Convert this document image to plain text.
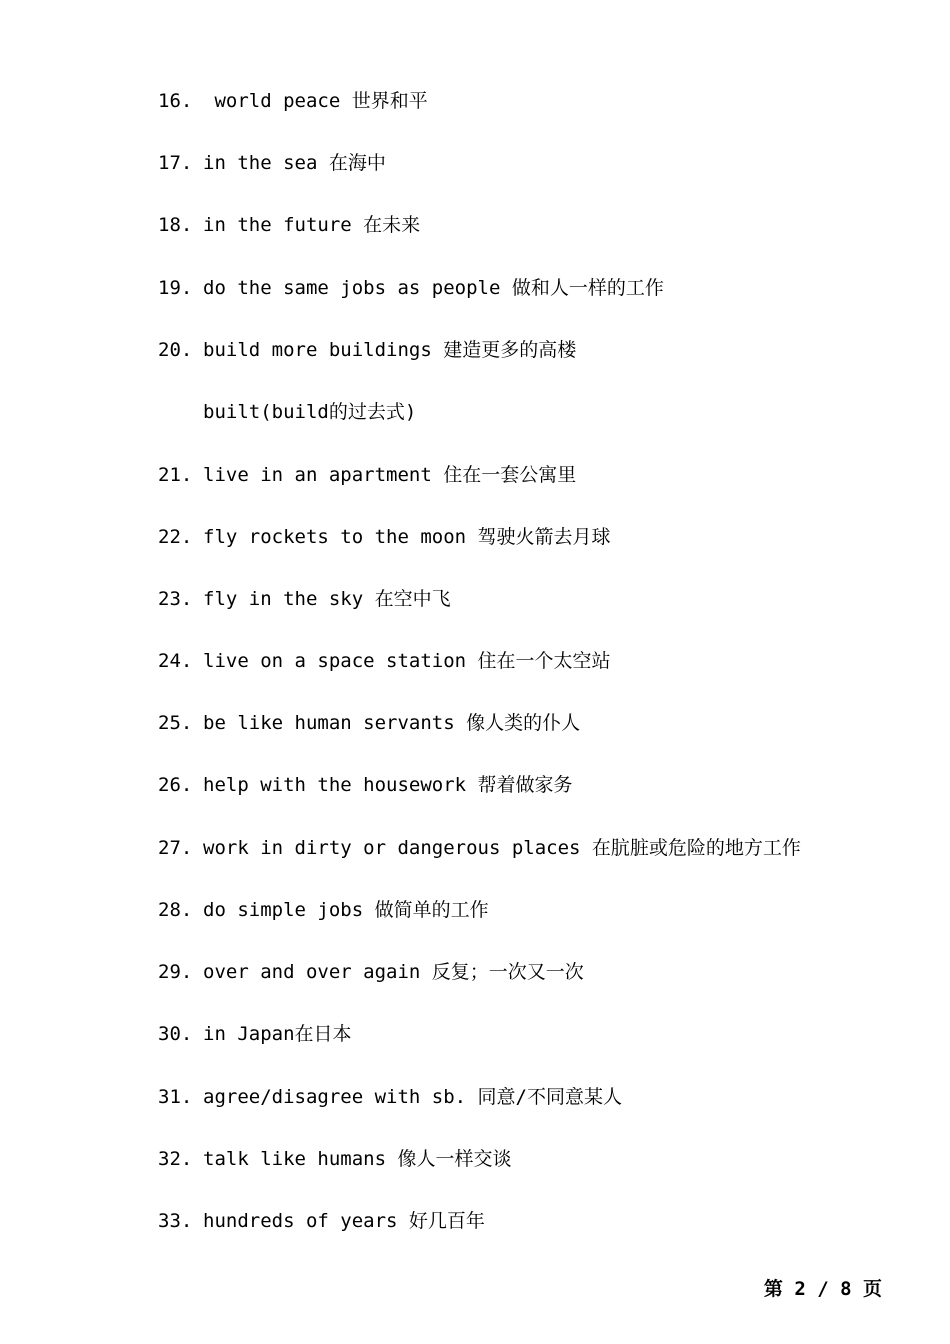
16. world peace 世界和平
17. in the sea 在海中
18. in the future 在未来
19. do the same jobs as people 做和人一样的工作
20. build more buildings 建造更多的高楼
built(build的过去式)
21. live in an apartment 住在一套公寓里
22. fly rockets to the moon 驾驶火箭去月球
23. fly in the sky 在空中飞
24. live on a space station 住在一个太空站
25. be like human servants 像人类的仆人
26. help with the housework 帮着做家务
27. work in dirty or dangerous places 在肮脏或危险的地方工作
28. do simple jobs 做简单的工作
29. over and over again 反复；一次又一次
30. in Japan在日本
31. agree/disagree with sb. 同意/不同意某人
32. talk like humans 像人一样交谈
33. hundreds of years 好几百年
第 2 / 8 页
